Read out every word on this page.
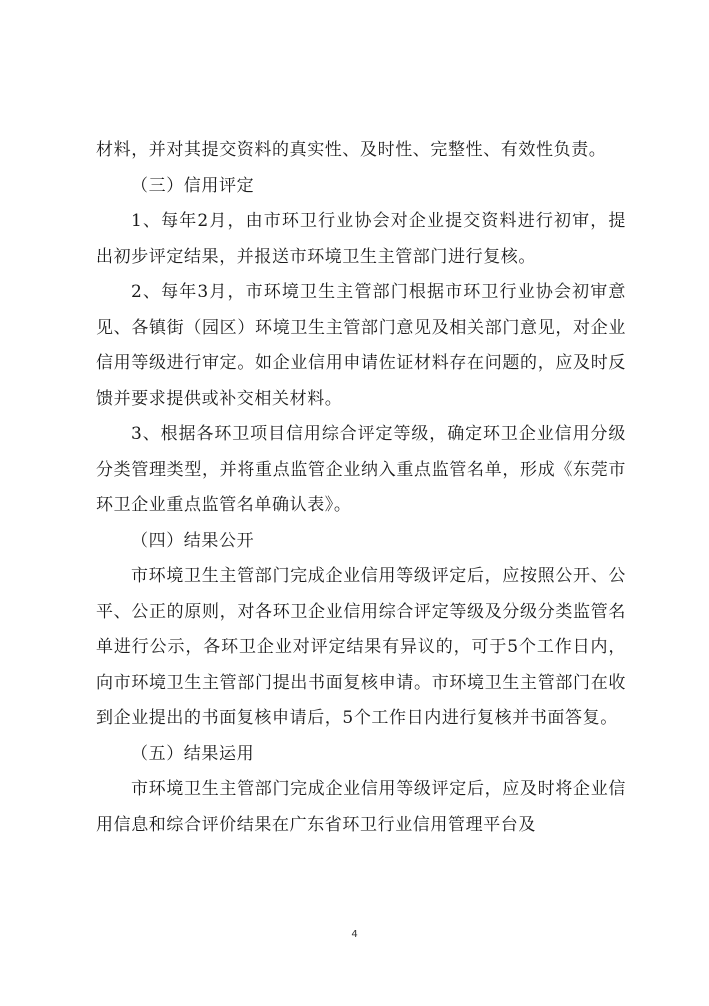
材料，并对其提交资料的真实性、及时性、完整性、有效性负责。

（三）信用评定

1、每年2月，由市环卫行业协会对企业提交资料进行初审，提出初步评定结果，并报送市环境卫生主管部门进行复核。

2、每年3月，市环境卫生主管部门根据市环卫行业协会初审意见、各镇街（园区）环境卫生主管部门意见及相关部门意见，对企业信用等级进行审定。如企业信用申请佐证材料存在问题的，应及时反馈并要求提供或补交相关材料。

3、根据各环卫项目信用综合评定等级，确定环卫企业信用分级分类管理类型，并将重点监管企业纳入重点监管名单，形成《东莞市环卫企业重点监管名单确认表》。

（四）结果公开

市环境卫生主管部门完成企业信用等级评定后，应按照公开、公平、公正的原则，对各环卫企业信用综合评定等级及分级分类监管名单进行公示，各环卫企业对评定结果有异议的，可于5个工作日内，向市环境卫生主管部门提出书面复核申请。市环境卫生主管部门在收到企业提出的书面复核申请后，5个工作日内进行复核并书面答复。

（五）结果运用

市环境卫生主管部门完成企业信用等级评定后，应及时将企业信用信息和综合评价结果在广东省环卫行业信用管理平台及

4
